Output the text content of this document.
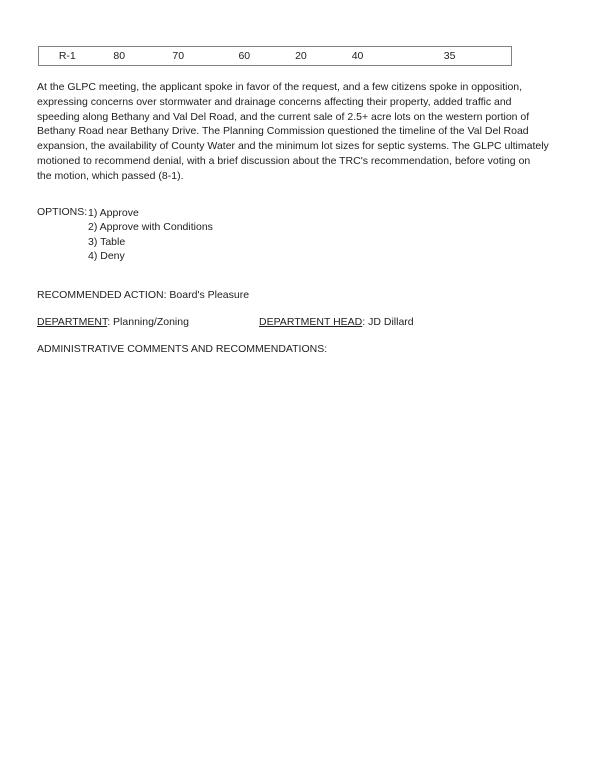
R-1	80	70	60	20	40	35
At the GLPC meeting, the applicant spoke in favor of the request, and a few citizens spoke in opposition,
expressing concerns over stormwater and drainage concerns affecting their property, added traffic and
speeding along Bethany and Val Del Road, and the current sale of 2.5+ acre lots on the western portion of
Bethany Road near Bethany Drive. The Planning Commission questioned the timeline of the Val Del Road
expansion, the availability of County Water and the minimum lot sizes for septic systems. The GLPC ultimately
motioned to recommend denial, with a brief discussion about the TRC's recommendation, before voting on
the motion, which passed (8-1).
OPTIONS: 1) Approve
2) Approve with Conditions
3) Table
4) Deny
RECOMMENDED ACTION: Board's Pleasure
DEPARTMENT: Planning/Zoning	DEPARTMENT HEAD: JD Dillard
ADMINISTRATIVE COMMENTS AND RECOMMENDATIONS:
